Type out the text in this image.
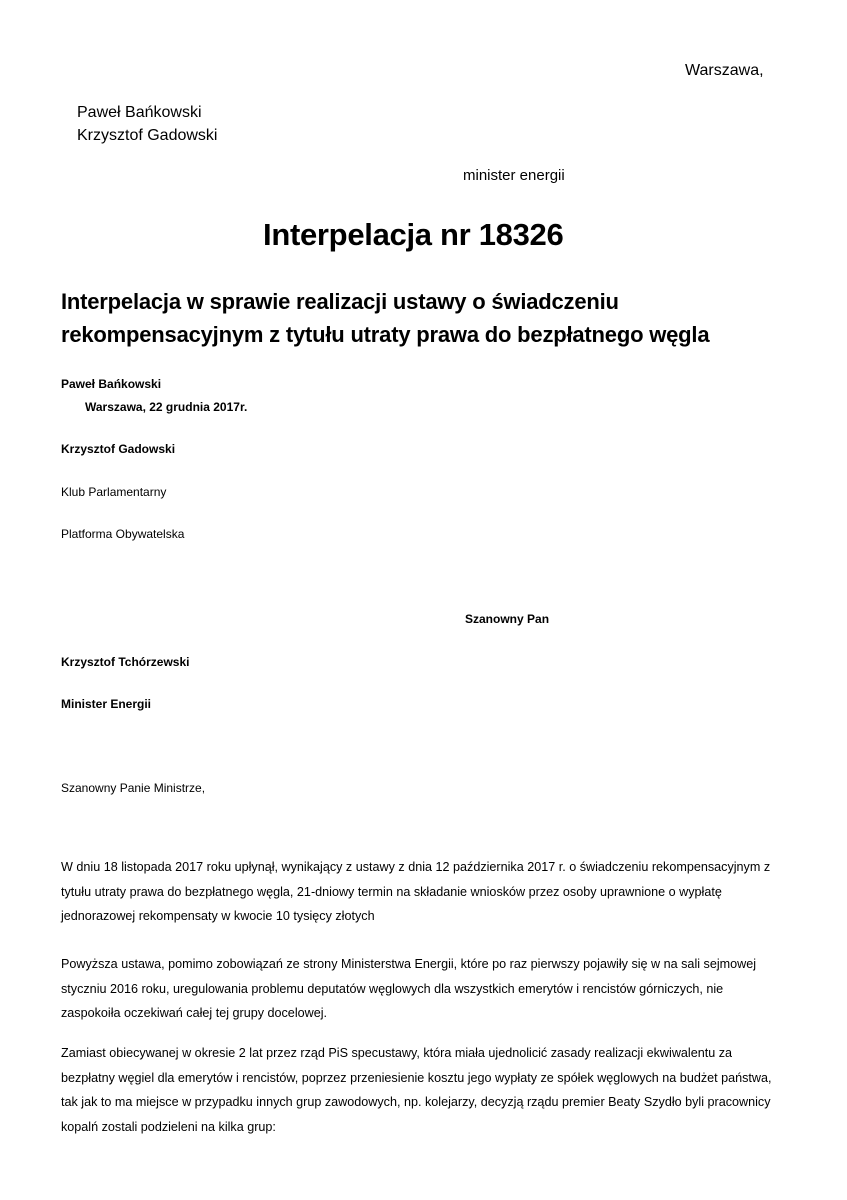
Warszawa,

Paweł Bańkowski

Krzysztof Gadowski

minister energii

Interpelacja nr 18326
Interpelacja w sprawie realizacji ustawy o świadczeniu
rekompensacyjnym z tytułu utraty prawa do bezpłatnego węgla

Paweł Bańkowski

Warszawa, 22 grudnia 2017r.

Krzysztof Gadowski

Klub Parlamentarny

Platforma Obywatelska

Szanowny Pan

Krzysztof Tchórzewski

Minister Energii

Szanowny Panie Ministrze,

W dniu 18 listopada 2017 roku upłynął, wynikający z ustawy z dnia 12 października 2017 r. o świadczeniu rekompensacyjnym z
tytułu utraty prawa do bezpłatnego węgla, 21-dniowy termin na składanie wniosków przez osoby uprawnione o wypłatę
jednorazowej rekompensaty w kwocie 10 tysięcy złotych
Powyższa ustawa, pomimo zobowiązań ze strony Ministerstwa Energii, które po raz pierwszy pojawiły się w na sali sejmowej
styczniu 2016 roku, uregulowania problemu deputatów węglowych dla wszystkich emerytów i rencistów górniczych, nie
zaspokoiła oczekiwań całej tej grupy docelowej.
Zamiast obiecywanej w okresie 2 lat przez rząd PiS specustawy, która miała ujednolicić zasady realizacji ekwiwalentu za
bezpłatny węgiel dla emerytów i rencistów, poprzez przeniesienie kosztu jego wypłaty ze spółek węglowych na budżet państwa,
tak jak to ma miejsce w przypadku innych grup zawodowych, np. kolejarzy, decyzją rządu premier Beaty Szydło byli pracownicy
kopalń zostali podzieleni na kilka grup:
